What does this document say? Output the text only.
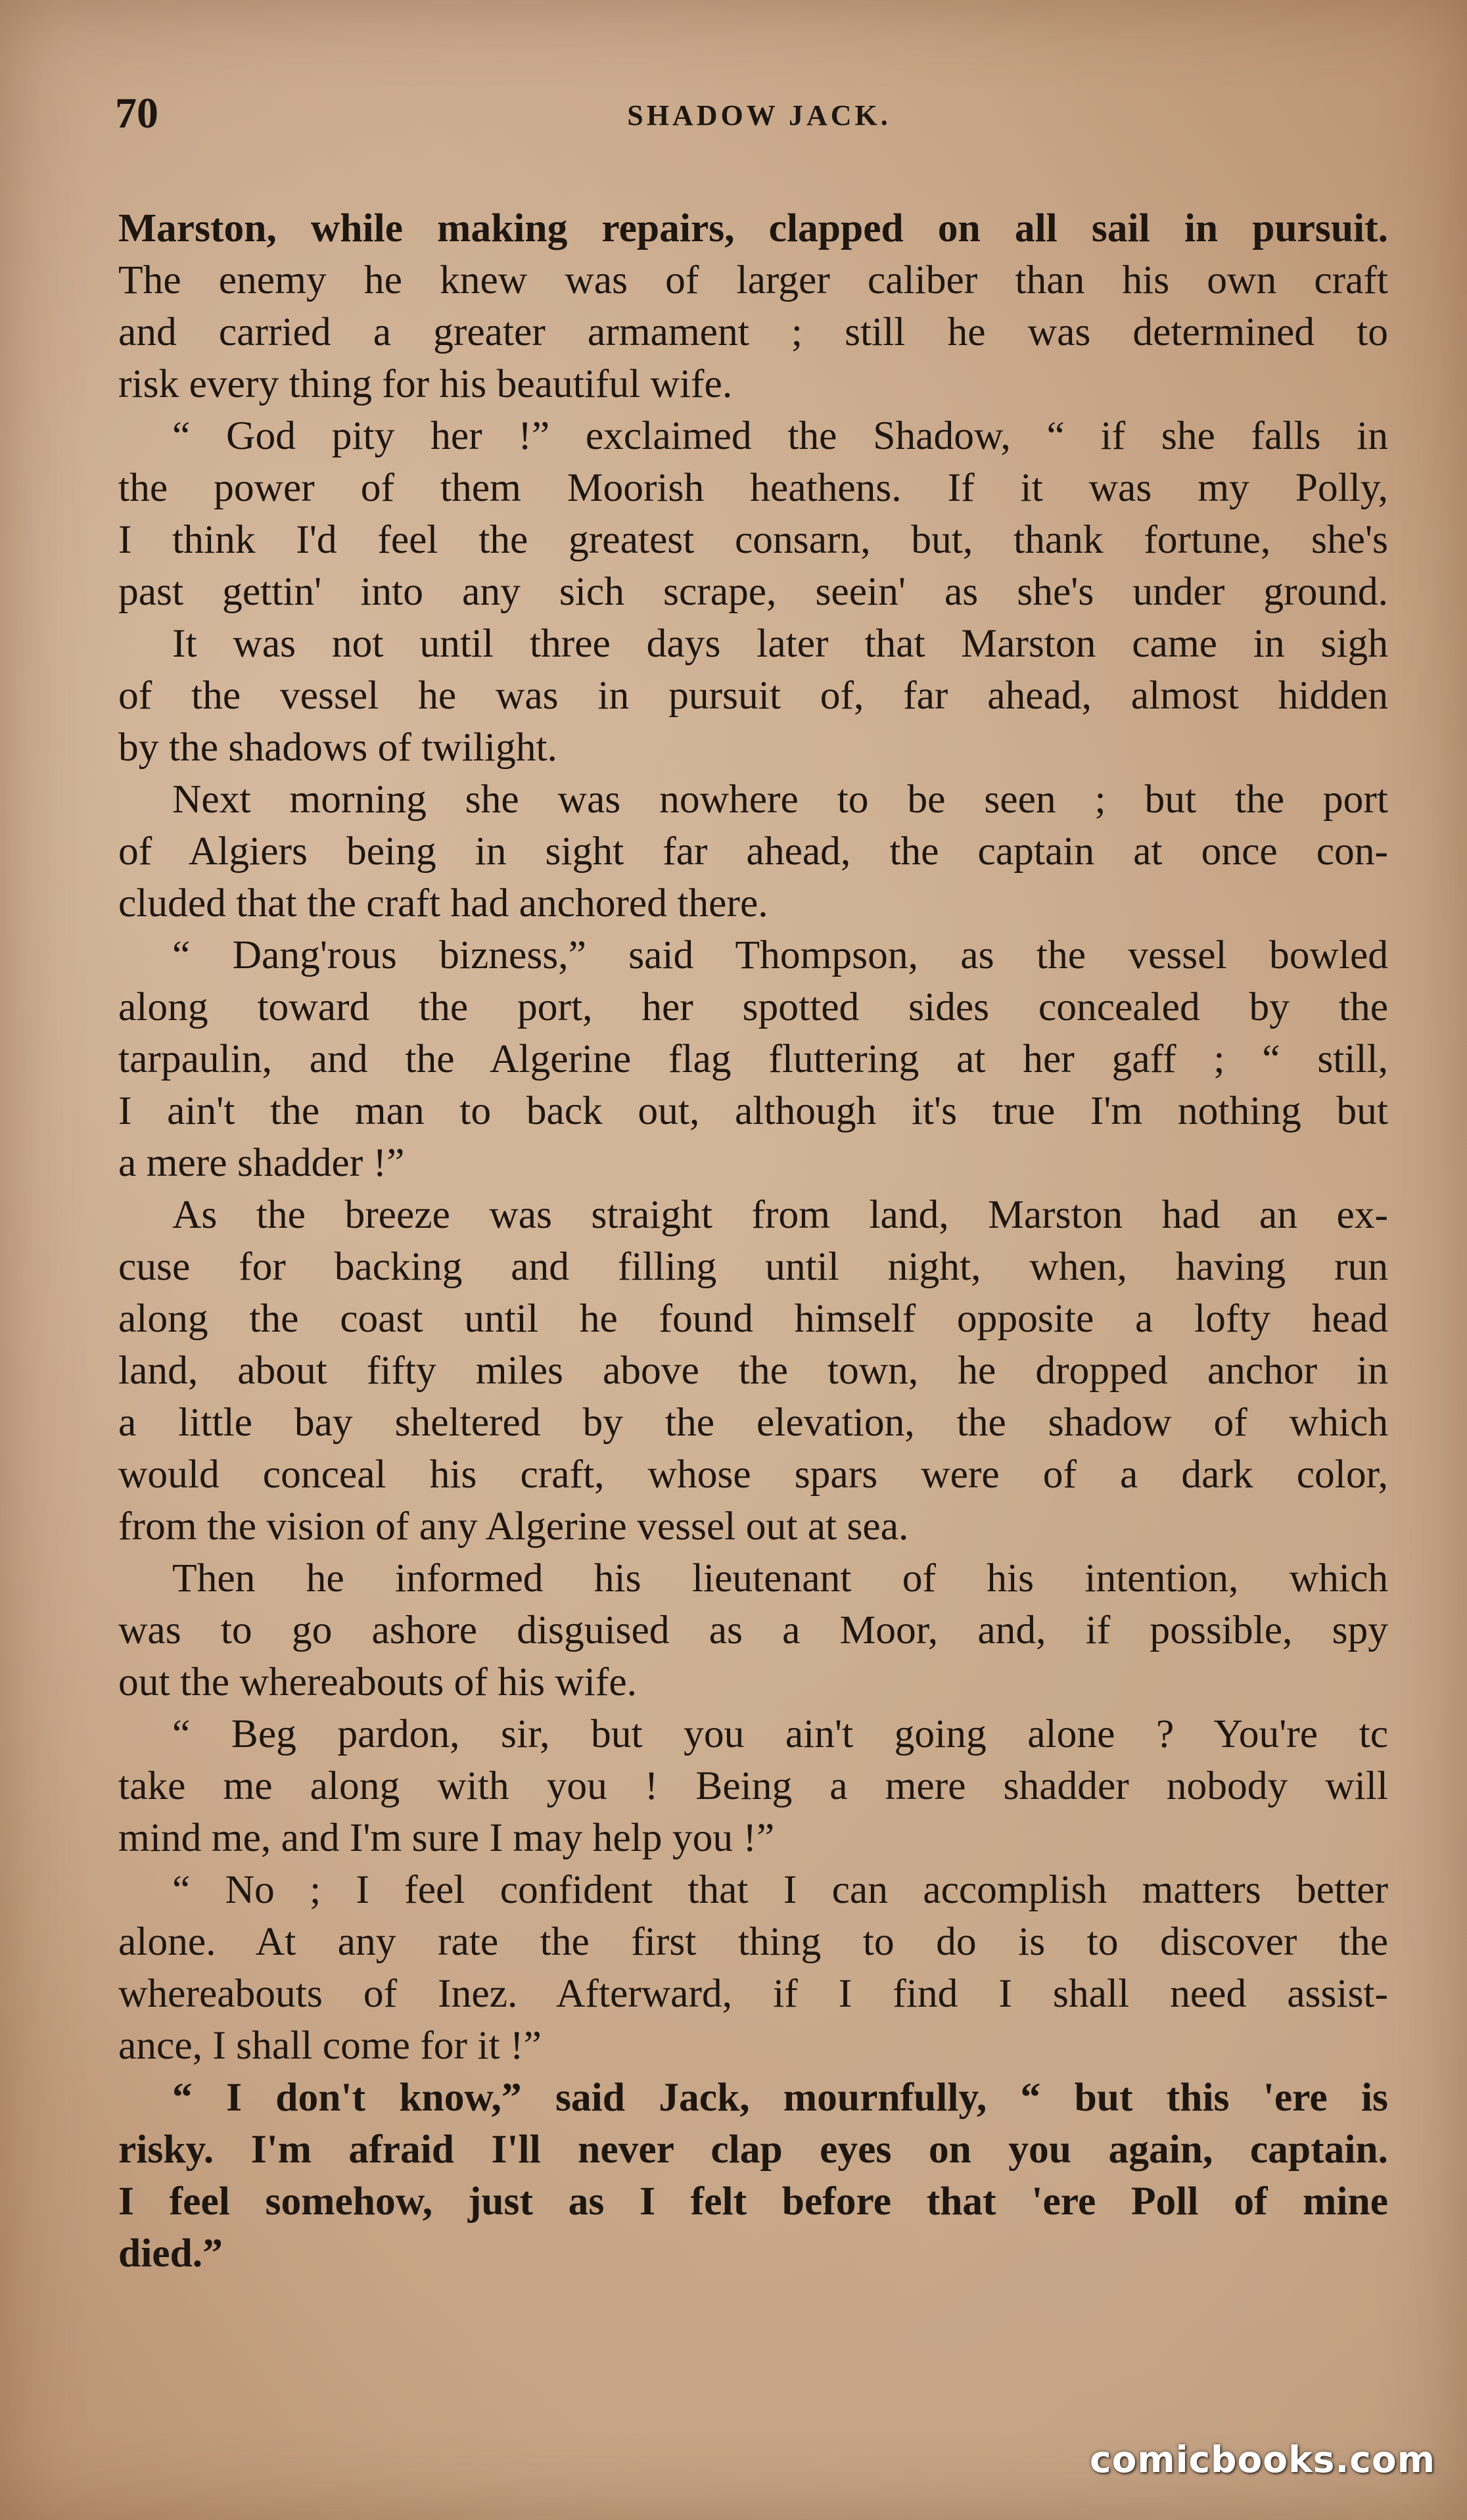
70	SHADOW JACK.

Marston, while making repairs, clapped on all sail in pursuit.

The enemy he knew was of larger caliber than his own craft

and carried a greater armament ; still he was determined to

risk every thing for his beautiful wife.

“ God pity her !” exclaimed the Shadow, “ if she falls in

the power of them Moorish heathens. If it was my Polly,

I think I'd feel the greatest consarn, but, thank fortune, she's

past gettin' into any sich scrape, seein' as she's under ground.

It was not until three days later that Marston came in sigh

of the vessel he was in pursuit of, far ahead, almost hidden

by the shadows of twilight.

Next morning she was nowhere to be seen ; but the port

of Algiers being in sight far ahead, the captain at once con-

cluded that the craft had anchored there.

“ Dang'rous bizness,” said Thompson, as the vessel bowled

along toward the port, her spotted sides concealed by the

tarpaulin, and the Algerine flag fluttering at her gaff ; “ still,

I ain't the man to back out, although it's true I'm nothing but

a mere shadder !”

As the breeze was straight from land, Marston had an ex-

cuse for backing and filling until night, when, having run

along the coast until he found himself opposite a lofty head

land, about fifty miles above the town, he dropped anchor in

a little bay sheltered by the elevation, the shadow of which

would conceal his craft, whose spars were of a dark color,

from the vision of any Algerine vessel out at sea.

Then he informed his lieutenant of his intention, which

was to go ashore disguised as a Moor, and, if possible, spy

out the whereabouts of his wife.

“ Beg pardon, sir, but you ain't going alone ? You're tc

take me along with you ! Being a mere shadder nobody will

mind me, and I'm sure I may help you !”

“ No ; I feel confident that I can accomplish matters better

alone. At any rate the first thing to do is to discover the

whereabouts of Inez. Afterward, if I find I shall need assist-

ance, I shall come for it !”

“ I don't know,” said Jack, mournfully, “ but this 'ere is

risky. I'm afraid I'll never clap eyes on you again, captain.

I feel somehow, just as I felt before that 'ere Poll of mine

died.”

comicbooks.com
